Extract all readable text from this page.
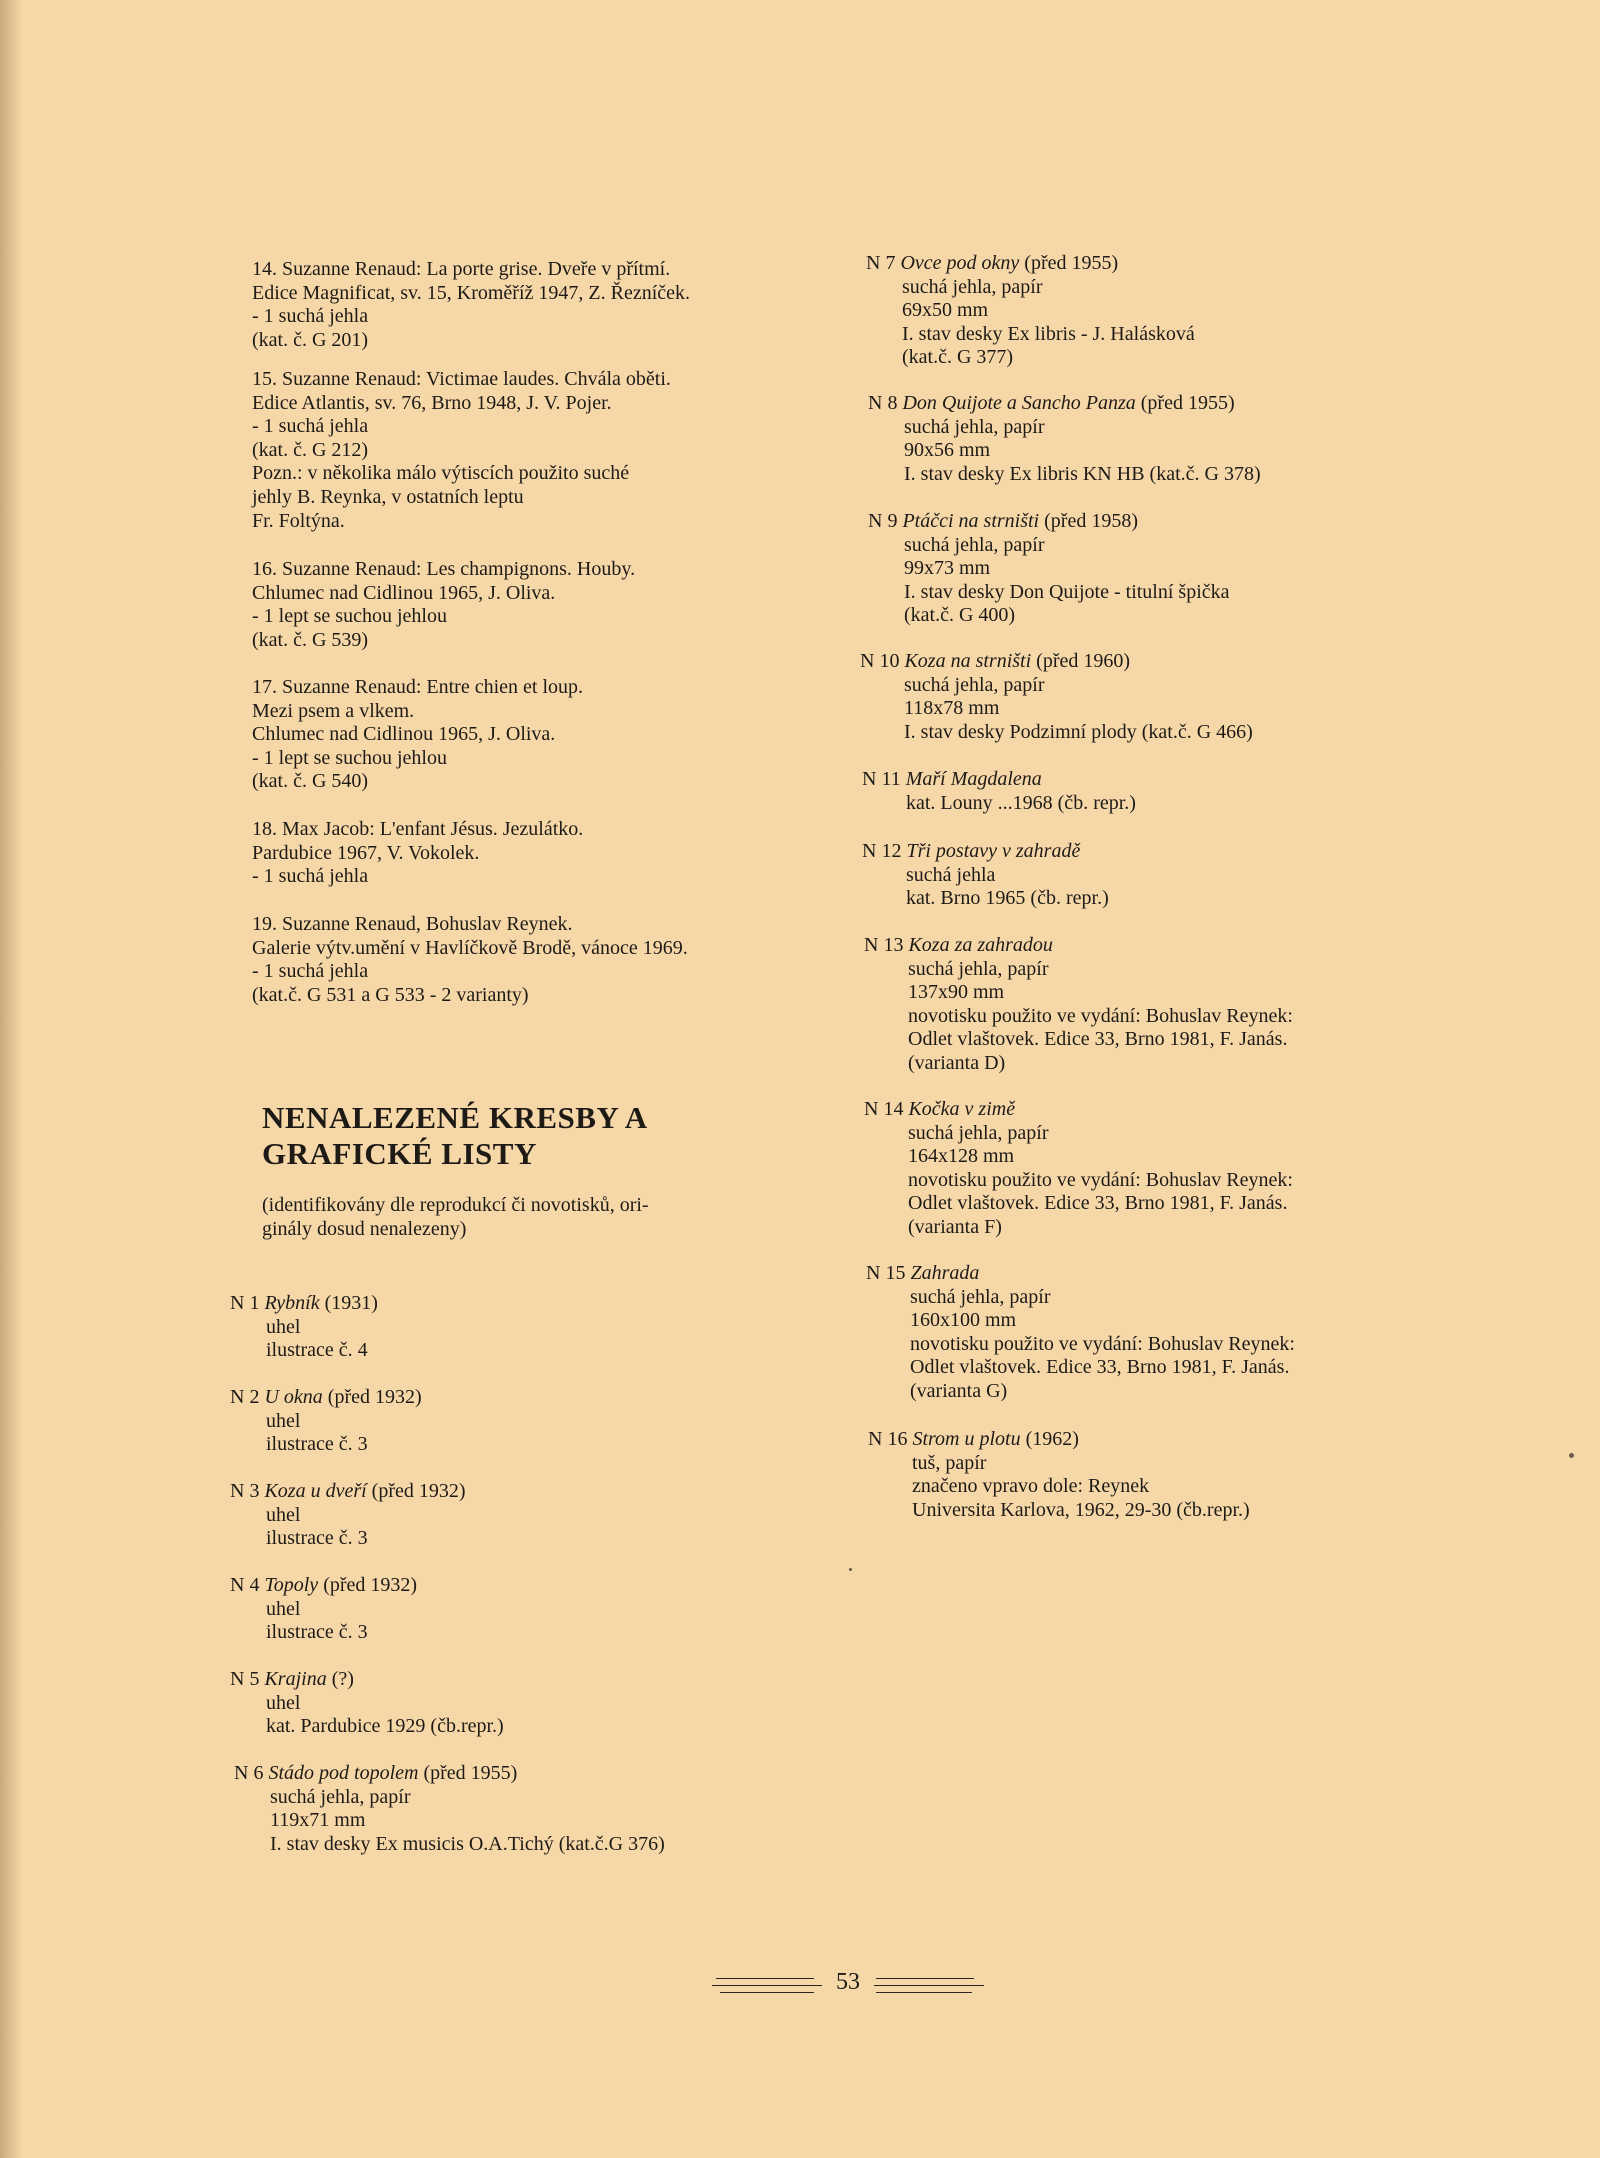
14. Suzanne Renaud: La porte grise. Dveře v přítmí.
Edice Magnificat, sv. 15, Kroměříž 1947, Z. Řezníček.
- 1 suchá jehla
(kat. č. G 201)
15. Suzanne Renaud: Victimae laudes. Chvála oběti.
Edice Atlantis, sv. 76, Brno 1948, J. V. Pojer.
- 1 suchá jehla
(kat. č. G 212)
Pozn.: v několika málo výtiscích použito suché
jehly B. Reynka, v ostatních leptu
Fr. Foltýna.
16. Suzanne Renaud: Les champignons. Houby.
Chlumec nad Cidlinou 1965, J. Oliva.
- 1 lept se suchou jehlou
(kat. č. G 539)
17. Suzanne Renaud: Entre chien et loup.
Mezi psem a vlkem.
Chlumec nad Cidlinou 1965, J. Oliva.
- 1 lept se suchou jehlou
(kat. č. G 540)
18. Max Jacob: L'enfant Jésus. Jezulátko.
Pardubice 1967, V. Vokolek.
- 1 suchá jehla
19. Suzanne Renaud, Bohuslav Reynek.
Galerie výtv.umění v Havlíčkově Brodě, vánoce 1969.
- 1 suchá jehla
(kat.č. G 531 a G 533 - 2 varianty)
NENALEZENÉ KRESBY A
GRAFICKÉ LISTY
(identifikovány dle reprodukcí či novotisků, ori-
ginály dosud nenalezeny)
N 1 Rybník (1931)
uhel
ilustrace č. 4
N 2 U okna (před 1932)
uhel
ilustrace č. 3
N 3 Koza u dveří (před 1932)
uhel
ilustrace č. 3
N 4 Topoly (před 1932)
uhel
ilustrace č. 3
N 5 Krajina (?)
uhel
kat. Pardubice 1929 (čb.repr.)
N 6 Stádo pod topolem (před 1955)
suchá jehla, papír
119x71 mm
I. stav desky Ex musicis O.A.Tichý (kat.č.G 376)
N 7 Ovce pod okny (před 1955)
suchá jehla, papír
69x50 mm
I. stav desky Ex libris - J. Halásková
(kat.č. G 377)
N 8 Don Quijote a Sancho Panza (před 1955)
suchá jehla, papír
90x56 mm
I. stav desky Ex libris KN HB (kat.č. G 378)
N 9 Ptáčci na strništi (před 1958)
suchá jehla, papír
99x73 mm
I. stav desky Don Quijote - titulní špička
(kat.č. G 400)
N 10 Koza na strništi (před 1960)
suchá jehla, papír
118x78 mm
I. stav desky Podzimní plody (kat.č. G 466)
N 11 Maří Magdalena
kat. Louny ...1968 (čb. repr.)
N 12 Tři postavy v zahradě
suchá jehla
kat. Brno 1965 (čb. repr.)
N 13 Koza za zahradou
suchá jehla, papír
137x90 mm
novotisku použito ve vydání: Bohuslav Reynek:
Odlet vlaštovek. Edice 33, Brno 1981, F. Janás.
(varianta D)
N 14 Kočka v zimě
suchá jehla, papír
164x128 mm
novotisku použito ve vydání: Bohuslav Reynek:
Odlet vlaštovek. Edice 33, Brno 1981, F. Janás.
(varianta F)
N 15 Zahrada
suchá jehla, papír
160x100 mm
novotisku použito ve vydání: Bohuslav Reynek:
Odlet vlaštovek. Edice 33, Brno 1981, F. Janás.
(varianta G)
N 16 Strom u plotu (1962)
tuš, papír
značeno vpravo dole: Reynek
Universita Karlova, 1962, 29-30 (čb.repr.)
53
